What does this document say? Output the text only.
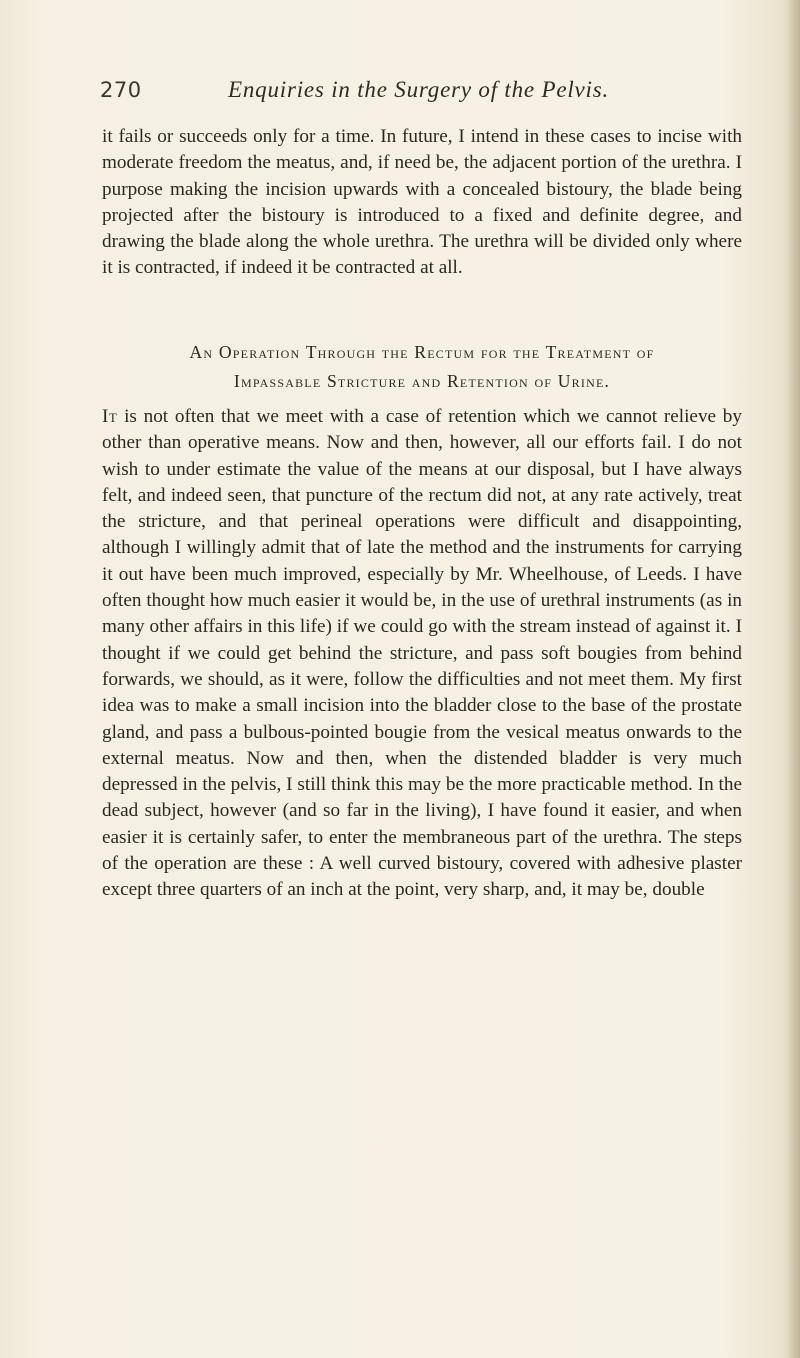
270	Enquiries in the Surgery of the Pelvis.

it fails or succeeds only for a time. In future, I intend in these cases to incise with moderate freedom the meatus, and, if need be, the adjacent portion of the urethra. I purpose making the incision upwards with a concealed bistoury, the blade being projected after the bistoury is introduced to a fixed and definite degree, and drawing the blade along the whole urethra. The urethra will be divided only where it is contracted, if indeed it be contracted at all.

An Operation Through the Rectum for the Treatment of
Impassable Stricture and Retention of Urine.

It is not often that we meet with a case of retention which we cannot relieve by other than operative means. Now and then, however, all our efforts fail. I do not wish to under estimate the value of the means at our disposal, but I have always felt, and indeed seen, that puncture of the rectum did not, at any rate actively, treat the stricture, and that perineal operations were difficult and disappointing, although I willingly admit that of late the method and the instruments for carrying it out have been much improved, especially by Mr. Wheelhouse, of Leeds. I have often thought how much easier it would be, in the use of urethral instruments (as in many other affairs in this life) if we could go with the stream instead of against it. I thought if we could get behind the stricture, and pass soft bougies from behind forwards, we should, as it were, follow the difficulties and not meet them. My first idea was to make a small incision into the bladder close to the base of the prostate gland, and pass a bulbous-pointed bougie from the vesical meatus onwards to the external meatus. Now and then, when the distended bladder is very much depressed in the pelvis, I still think this may be the more practicable method. In the dead subject, however (and so far in the living), I have found it easier, and when easier it is certainly safer, to enter the membraneous part of the urethra. The steps of the operation are these : A well curved bistoury, covered with adhesive plaster except three quarters of an inch at the point, very sharp, and, it may be, double
